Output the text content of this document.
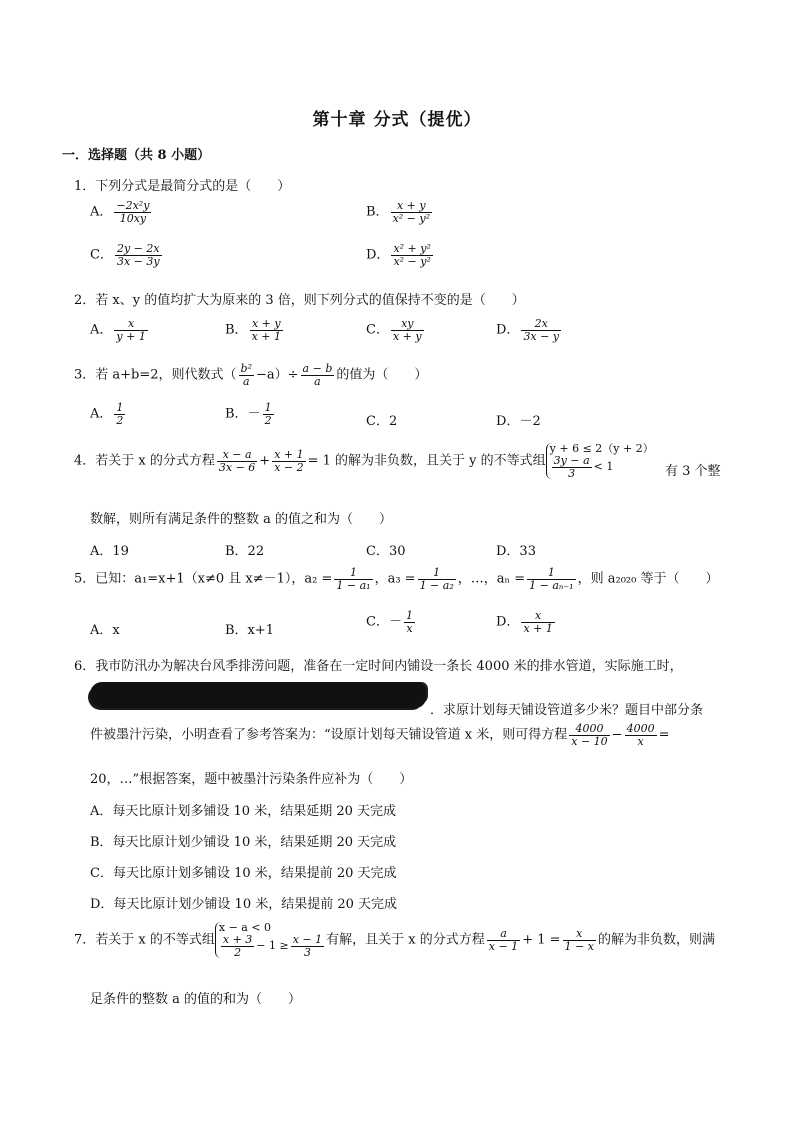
第十章 分式（提优）
一．选择题（共 8 小题）
1．下列分式是最简分式的是（　　）
A． $\frac{\text{−2x²y}}{10xy}$	B． $\frac{x + y}{\text{x² − y²}}$
C． $\frac{2y - 2x}{3x - 3y}$	D． $\frac{\text{x² + y²}}{\text{x² − y²}}$
2．若 x、y 的值均扩大为原来的 3 倍，则下列分式的值保持不变的是（　　）
A． $\frac{x}{y + 1}$	B． $\frac{x + y}{x + 1}$	C． $\frac{xy}{x + y}$	D． $\frac{2x}{3x - y}$
3．若 a+b=2，则代数式（ $\frac{\text{b²}}{a} -a)\div \frac{a - b}{a}$ 的值为（　　）
A． $\frac{1}{2}$	B．－ $\frac{1}{2}$	C．2	D．－2
4．若关于 x 的分式方程 $\frac{x - a}{3x - 6} + \frac{x + 1}{x - 2} = 1$ 的解为非负数，且关于 y 的不等式组
y + 6 ≤ 2（y + 2）
$\frac{3y - a}{3} < 1$	有 3 个整
数解，则所有满足条件的整数 a 的值之和为（　　）
A．19	B．22	C．30	D．33
5．已知：a₁=x+1（x≠0 且 x≠－1），$a_2 = \frac{1}{\text{1 − a₁}}$ ，$a_3 = \frac{1}{\text{1 − a₂}}$ ，…，$a_n = \frac{1}{\text{1 − aₙ₋₁}}$ ，则 a₂₀₂₀ 等于（　　）
A．x	B．x+1
C．－ $\frac{1}{x}$	D． $\frac{x}{x + 1}$
6．我市防汛办为解决台风季排涝问题，准备在一定时间内铺设一条长 4000 米的排水管道，实际施工时，
．求原计划每天铺设管道多少米？题目中部分条
件被墨汁污染，小明查看了参考答案为：“设原计划每天铺设管道 x 米，则可得方程 $\frac{4000}{x - 10} - \frac{4000}{x}$ =
20，…”根据答案，题中被墨汁污染条件应补为（　　）
A．每天比原计划多铺设 10 米，结果延期 20 天完成
B．每天比原计划少铺设 10 米，结果延期 20 天完成
C．每天比原计划多铺设 10 米，结果提前 20 天完成
D．每天比原计划少铺设 10 米，结果提前 20 天完成
7．若关于 x 的不等式组
x − a < 0
$\frac{x + 3}{2} - 1 \ge \frac{x - 1}{3}$ 有解，且关于 x 的分式方程 $\frac{a}{x - 1} + 1 = \frac{x}{1 - x}$ 的解为非负数，则满
足条件的整数 a 的值的和为（　　）
